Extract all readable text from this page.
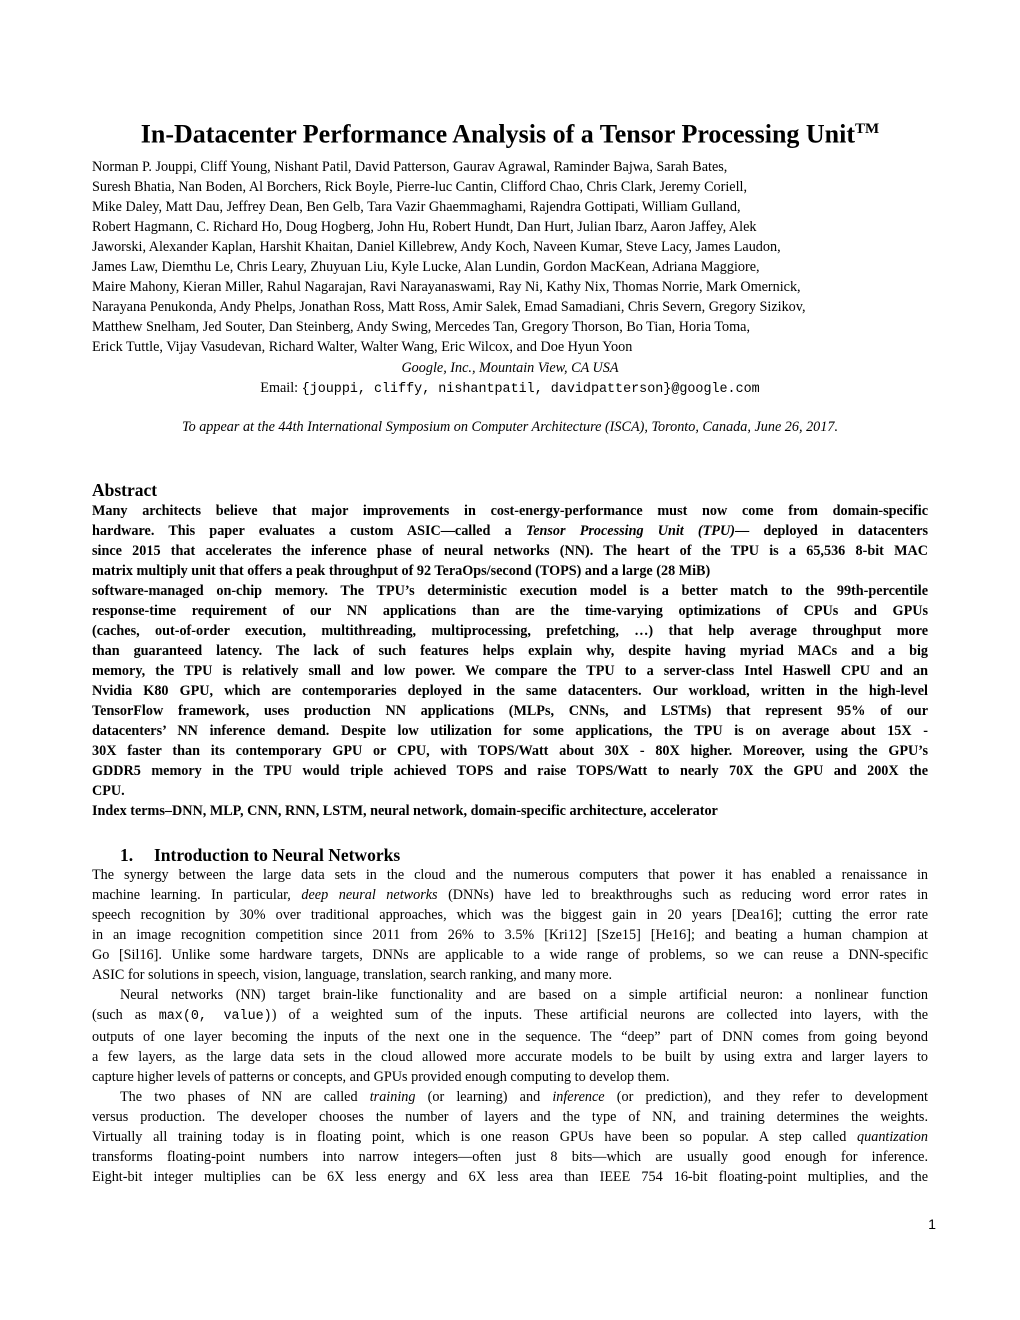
In-Datacenter Performance Analysis of a Tensor Processing Unit™
Norman P. Jouppi, Cliff Young, Nishant Patil, David Patterson, Gaurav Agrawal, Raminder Bajwa, Sarah Bates,
Suresh Bhatia, Nan Boden, Al Borchers, Rick Boyle, Pierre-luc Cantin, Clifford Chao, Chris Clark, Jeremy Coriell,
Mike Daley, Matt Dau, Jeffrey Dean, Ben Gelb, Tara Vazir Ghaemmaghami, Rajendra Gottipati, William Gulland,
Robert Hagmann, C. Richard Ho, Doug Hogberg, John Hu, Robert Hundt, Dan Hurt, Julian Ibarz, Aaron Jaffey, Alek
Jaworski, Alexander Kaplan, Harshit Khaitan, Daniel Killebrew, Andy Koch, Naveen Kumar, Steve Lacy, James Laudon,
James Law, Diemthu Le, Chris Leary, Zhuyuan Liu, Kyle Lucke, Alan Lundin, Gordon MacKean, Adriana Maggiore,
Maire Mahony, Kieran Miller, Rahul Nagarajan, Ravi Narayanaswami, Ray Ni, Kathy Nix, Thomas Norrie, Mark Omernick,
Narayana Penukonda, Andy Phelps, Jonathan Ross, Matt Ross, Amir Salek, Emad Samadiani, Chris Severn, Gregory Sizikov,
Matthew Snelham, Jed Souter, Dan Steinberg, Andy Swing, Mercedes Tan, Gregory Thorson, Bo Tian, Horia Toma,
Erick Tuttle, Vijay Vasudevan, Richard Walter, Walter Wang, Eric Wilcox, and Doe Hyun Yoon
Google, Inc., Mountain View, CA USA
Email: {jouppi, cliffy, nishantpatil, davidpatterson}@google.com
To appear at the 44th International Symposium on Computer Architecture (ISCA), Toronto, Canada, June 26, 2017.
Abstract
Many architects believe that major improvements in cost-energy-performance must now come from domain-specific
hardware. This paper evaluates a custom ASIC—called a Tensor Processing Unit (TPU)— deployed in datacenters
since 2015 that accelerates the inference phase of neural networks (NN). The heart of the TPU is a 65,536 8-bit MAC
matrix multiply unit that offers a peak throughput of 92 TeraOps/second (TOPS) and a large (28 MiB)
software-managed on-chip memory. The TPU’s deterministic execution model is a better match to the 99th-percentile
response-time requirement of our NN applications than are the time-varying optimizations of CPUs and GPUs
(caches, out-of-order execution, multithreading, multiprocessing, prefetching, …) that help average throughput more
than guaranteed latency. The lack of such features helps explain why, despite having myriad MACs and a big
memory, the TPU is relatively small and low power. We compare the TPU to a server-class Intel Haswell CPU and an
Nvidia K80 GPU, which are contemporaries deployed in the same datacenters. Our workload, written in the high-level
TensorFlow framework, uses production NN applications (MLPs, CNNs, and LSTMs) that represent 95% of our
datacenters’ NN inference demand. Despite low utilization for some applications, the TPU is on average about 15X -
30X faster than its contemporary GPU or CPU, with TOPS/Watt about 30X - 80X higher. Moreover, using the GPU’s
GDDR5 memory in the TPU would triple achieved TOPS and raise TOPS/Watt to nearly 70X the GPU and 200X the
CPU.
Index terms–DNN, MLP, CNN, RNN, LSTM, neural network, domain-specific architecture, accelerator
1. Introduction to Neural Networks
The synergy between the large data sets in the cloud and the numerous computers that power it has enabled a renaissance in
machine learning. In particular, deep neural networks (DNNs) have led to breakthroughs such as reducing word error rates in
speech recognition by 30% over traditional approaches, which was the biggest gain in 20 years [Dea16]; cutting the error rate
in an image recognition competition since 2011 from 26% to 3.5% [Kri12] [Sze15] [He16]; and beating a human champion at
Go [Sil16]. Unlike some hardware targets, DNNs are applicable to a wide range of problems, so we can reuse a DNN-specific
ASIC for solutions in speech, vision, language, translation, search ranking, and many more.
Neural networks (NN) target brain-like functionality and are based on a simple artificial neuron: a nonlinear function
(such as max(0, value)) of a weighted sum of the inputs. These artificial neurons are collected into layers, with the
outputs of one layer becoming the inputs of the next one in the sequence. The “deep” part of DNN comes from going beyond
a few layers, as the large data sets in the cloud allowed more accurate models to be built by using extra and larger layers to
capture higher levels of patterns or concepts, and GPUs provided enough computing to develop them.
The two phases of NN are called training (or learning) and inference (or prediction), and they refer to development
versus production. The developer chooses the number of layers and the type of NN, and training determines the weights.
Virtually all training today is in floating point, which is one reason GPUs have been so popular. A step called quantization
transforms floating-point numbers into narrow integers—often just 8 bits—which are usually good enough for inference.
Eight-bit integer multiplies can be 6X less energy and 6X less area than IEEE 754 16-bit floating-point multiplies, and the
1
